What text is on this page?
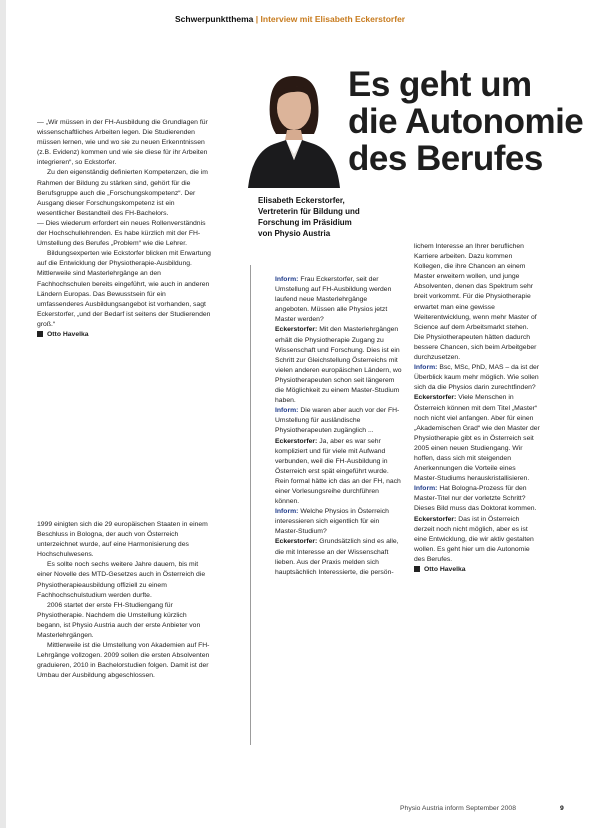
Schwerpunktthema | Interview mit Elisabeth Eckerstorfer
Es geht um die Autonomie des Berufes
Elisabeth Eckerstorfer,
Vertreterin für Bildung und
Forschung im Präsidium
von Physio Austria

— „Wir müssen in der FH-Ausbildung die Grundlagen für wissenschaftliches Arbeiten legen. Die Studierenden müssen lernen, wie und wo sie zu neuen Erkenntnissen (z.B. Evidenz) kommen und wie sie diese für ihr Arbeiten integrieren“, so Eckstorfer.

Zu den eigenständig definierten Kompetenzen, die im Rahmen der Bildung zu stärken sind, gehört für die Berufsgruppe auch die „Forschungskompetenz“. Der Ausgang dieser Forschungskompetenz ist ein wesentlicher Bestandteil des FH-Bachelors.

— Dies wiederum erfordert ein neues Rollenverständnis der Hochschullehrenden. Es habe kürzlich mit der FH-Umstellung des Berufes „Problem“ wie die Lehrer.

Bildungsexperten wie Eckstorfer blicken mit Erwartung auf die Entwicklung der Physiotherapie-Ausbildung. Mittlerweile sind Masterlehrgänge an den Fachhochschulen bereits eingeführt, wie auch in anderen Ländern Europas. Das Bewusstsein für ein umfassenderes Ausbildungsangebot ist vorhanden, sagt Eckerstorfer, „und der Bedarf ist seitens der Studierenden groß.“

Otto Havelka

1999 einigten sich die 29 europäischen Staaten in einem Beschluss in Bologna, der auch von Österreich unterzeichnet wurde, auf eine Harmonisierung des Hochschulwesens.

Es sollte noch sechs weitere Jahre dauern, bis mit einer Novelle des MTD-Gesetzes auch in Österreich die Physiotherapieausbildung offiziell zu einem Fachhochschulstudium werden durfte.

2006 startet der erste FH-Studiengang für Physiotherapie. Nachdem die Umstellung kürzlich begann, ist Physio Austria auch der erste Anbieter von Masterlehrgängen.

Mittlerweile ist die Umstellung von Akademien auf FH-Lehrgänge vollzogen. 2009 sollen die ersten Absolventen graduieren, 2010 in Bachelorstudien folgen. Damit ist der Umbau der Ausbildung abgeschlossen.

Inform: Frau Eckerstorfer, seit der Umstellung auf FH-Ausbildung werden laufend neue Masterlehrgänge angeboten. Müssen alle Physios jetzt Master werden?

Eckerstorfer: Mit den Masterlehrgängen erhält die Physiotherapie Zugang zu Wissenschaft und Forschung. Dies ist ein Schritt zur Gleichstellung Österreichs mit vielen anderen europäischen Ländern, wo Physiotherapeuten schon seit längerem die Möglichkeit zu einem Master-Studium haben.

Inform: Die waren aber auch vor der FH-Umstellung für ausländische Physiotherapeuten zugänglich ...

Eckerstorfer: Ja, aber es war sehr kompliziert und für viele mit Aufwand verbunden, weil die FH-Ausbildung in Österreich erst spät eingeführt wurde. Rein formal hätte ich das an der FH, nach einer Vorlesungsreihe durchführen können.

Inform: Welche Physios in Österreich interessieren sich eigentlich für ein Master-Studium?

Eckerstorfer: Grundsätzlich sind es alle, die mit Interesse an der Wissenschaft lieben. Aus der Praxis melden sich hauptsächlich Interessierte, die persön-

lichem Interesse an Ihrer beruflichen Karriere arbeiten. Dazu kommen Kollegen, die ihre Chancen an einem Master erweitern wollen, und junge Absolventen, denen das Spektrum sehr breit vorkommt. Für die Physiotherapie erwartet man eine gewisse Weiterentwicklung, wenn mehr Master of Science auf dem Arbeitsmarkt stehen. Die Physiotherapeuten hätten dadurch bessere Chancen, sich beim Arbeitgeber durchzusetzen.

Inform: Bsc, MSc, PhD, MAS – da ist der Überblick kaum mehr möglich. Wie sollen sich da die Physios darin zurechtfinden?

Eckerstorfer: Viele Menschen in Österreich können mit dem Titel „Master“ noch nicht viel anfangen. Aber für einen „Akademischen Grad“ wie den Master der Physiotherapie gibt es in Österreich seit 2005 einen neuen Studiengang. Wir hoffen, dass sich mit steigenden Anerkennungen die Vorteile eines Master-Studiums herauskristallisieren.

Inform: Hat Bologna-Prozess für den Master-Titel nur der vorletzte Schritt? Dieses Bild muss das Doktorat kommen.

Eckerstorfer: Das ist in Österreich derzeit noch nicht möglich, aber es ist eine Entwicklung, die wir aktiv gestalten wollen. Es geht hier um die Autonomie des Berufes.

Otto Havelka

Physio Austria inform September 2008	9
